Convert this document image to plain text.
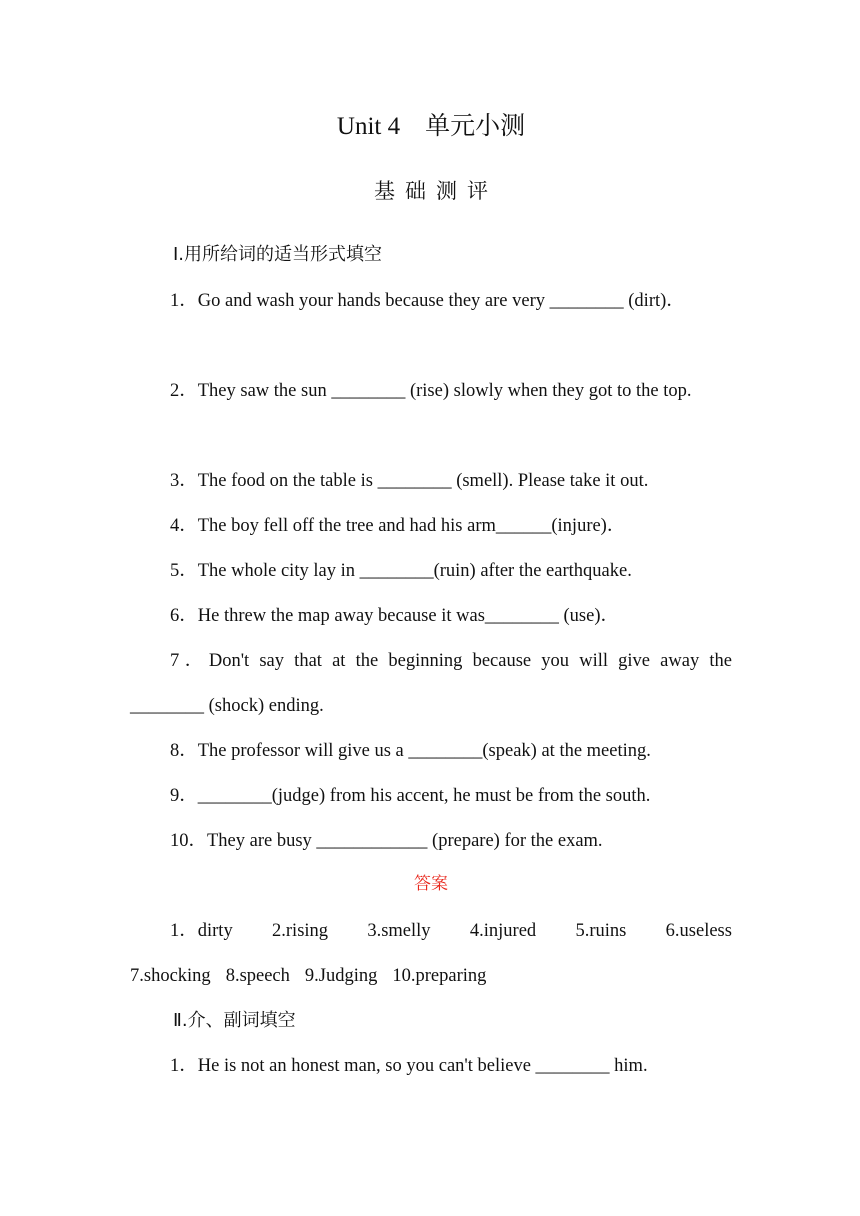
Unit 4　单元小测
基础测评
Ⅰ.用所给词的适当形式填空

1．Go and wash your hands because they are very ________ (dirt)．

2．They saw the sun ________ (rise) slowly when they got to the top.

3．The food on the table is ________ (smell). Please take it out.

4．The boy fell off the tree and had his arm______(injure)．

5．The whole city lay in ________(ruin) after the earthquake.

6．He threw the map away because it was________ (use)．

7．Don't say that at the beginning because you will give away the ________ (shock) ending.

8．The professor will give us a ________(speak) at the meeting.

9．________(judge) from his accent, he must be from the south.

10．They are busy ____________ (prepare) for the exam.

答案
1．dirty 2.rising 3.smelly 4.injured 5.ruins 6.useless
7.shocking 8.speech 9.Judging 10.preparing
Ⅱ.介、副词填空

1．He is not an honest man, so you can't believe ________ him.
